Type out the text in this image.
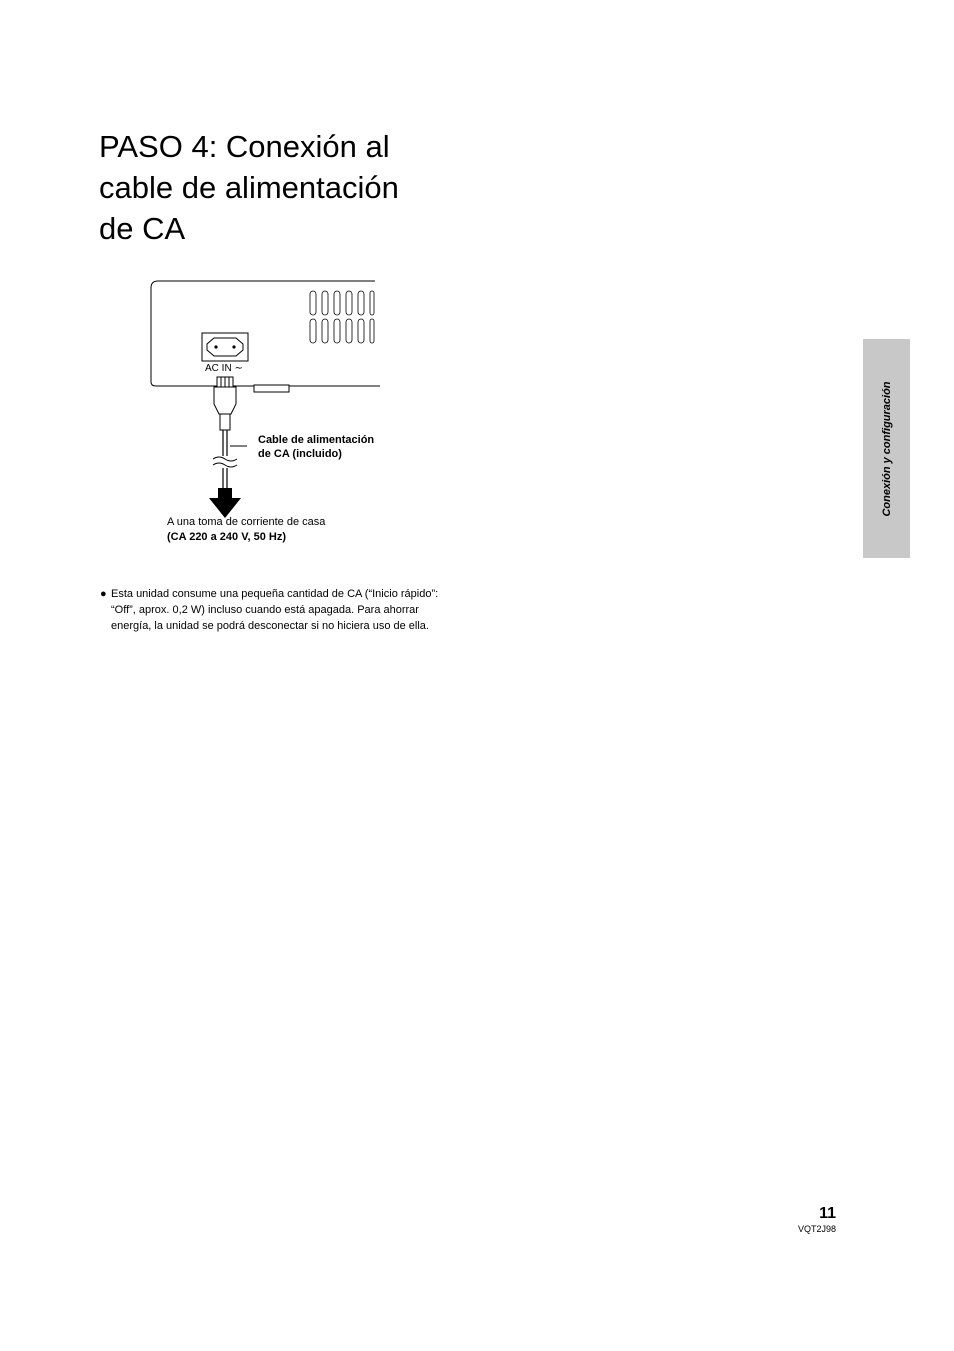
PASO 4: Conexión al
cable de alimentación
de CA
AC IN ∼
Cable de alimentación
de CA (incluido)
A una toma de corriente de casa
(CA 220 a 240 V, 50 Hz)
● Esta unidad consume una pequeña cantidad de CA (“Inicio rápido”: “Off”, aprox. 0,2 W) incluso cuando está apagada. Para ahorrar energía, la unidad se podrá desconectar si no hiciera uso de ella.
Conexión y configuración
11
VQT2J98
